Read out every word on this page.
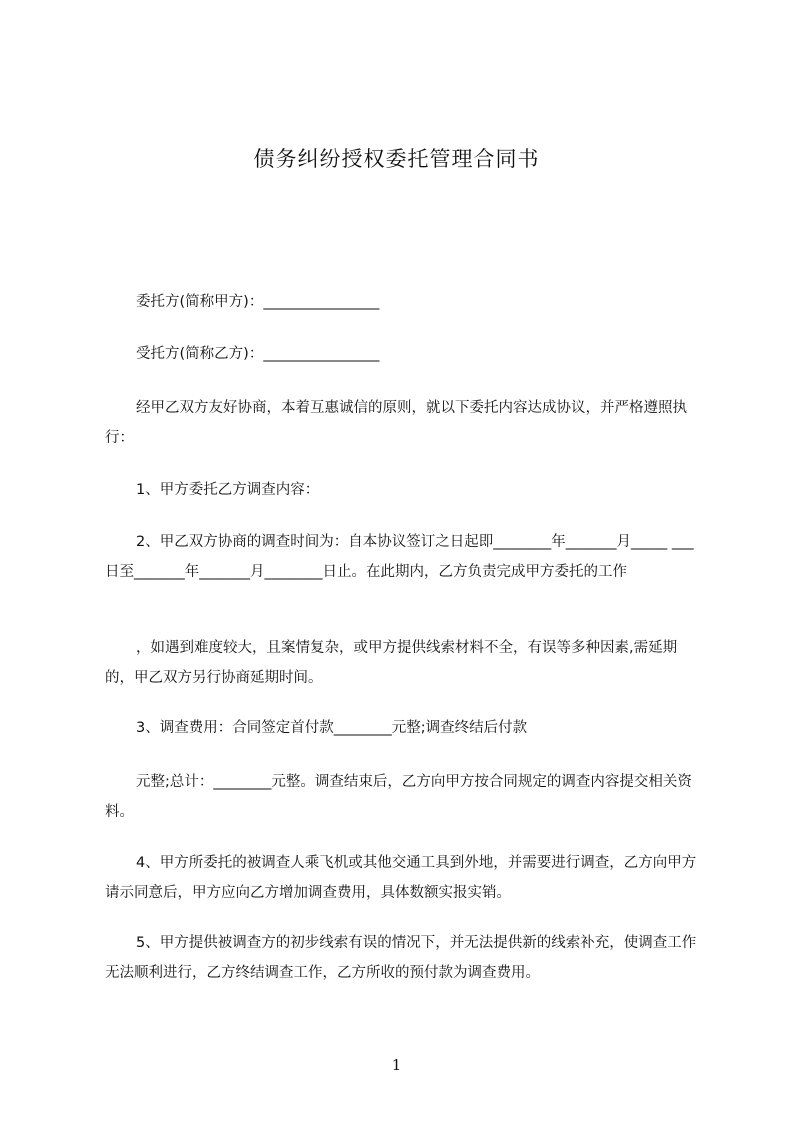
债务纠纷授权委托管理合同书
委托方(简称甲方)：________________
受托方(简称乙方)：________________
经甲乙双方友好协商，本着互惠诚信的原则，就以下委托内容达成协议，并严格遵照执行：
1、甲方委托乙方调查内容：
2、甲乙双方协商的调查时间为：自本协议签订之日起即________年_______月_____ ___日至_______年_______月________日止。在此期内，乙方负责完成甲方委托的工作
，如遇到难度较大，且案情复杂，或甲方提供线索材料不全，有误等多种因素,需延期的，甲乙双方另行协商延期时间。
3、调查费用：合同签定首付款________元整;调查终结后付款
元整;总计：________元整。调查结束后，乙方向甲方按合同规定的调查内容提交相关资料。
4、甲方所委托的被调查人乘飞机或其他交通工具到外地，并需要进行调查，乙方向甲方请示同意后，甲方应向乙方增加调查费用，具体数额实报实销。
5、甲方提供被调查方的初步线索有误的情况下，并无法提供新的线索补充，使调查工作无法顺利进行，乙方终结调查工作，乙方所收的预付款为调查费用。
1
